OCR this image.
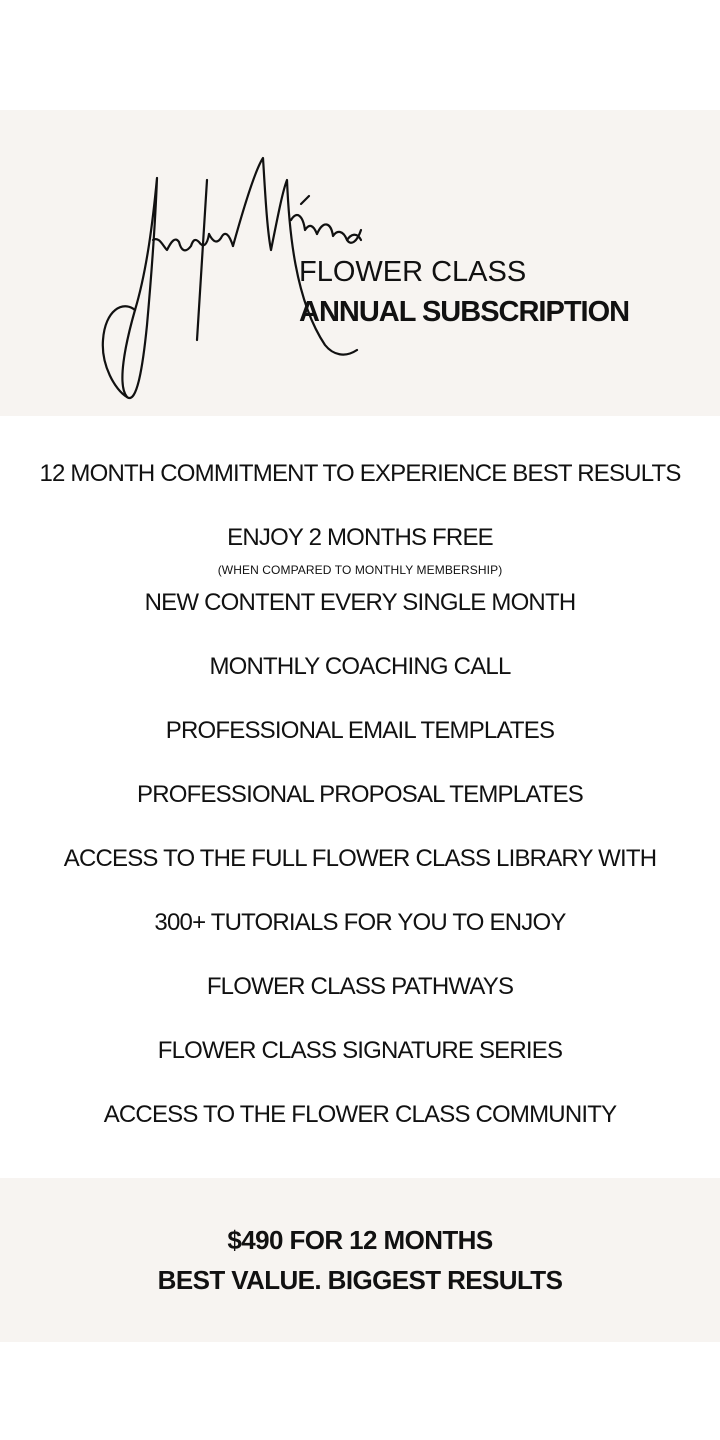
FLOWER CLASS
ANNUAL SUBSCRIPTION
12 MONTH COMMITMENT TO EXPERIENCE BEST RESULTS
ENJOY 2 MONTHS FREE
(WHEN COMPARED TO MONTHLY MEMBERSHIP)
NEW CONTENT EVERY SINGLE MONTH
MONTHLY COACHING CALL
PROFESSIONAL EMAIL TEMPLATES
PROFESSIONAL PROPOSAL TEMPLATES
ACCESS TO THE FULL FLOWER CLASS LIBRARY WITH
300+ TUTORIALS FOR YOU TO ENJOY
FLOWER CLASS PATHWAYS
FLOWER CLASS SIGNATURE SERIES
ACCESS TO THE FLOWER CLASS COMMUNITY
$490 FOR 12 MONTHS
BEST VALUE. BIGGEST RESULTS
